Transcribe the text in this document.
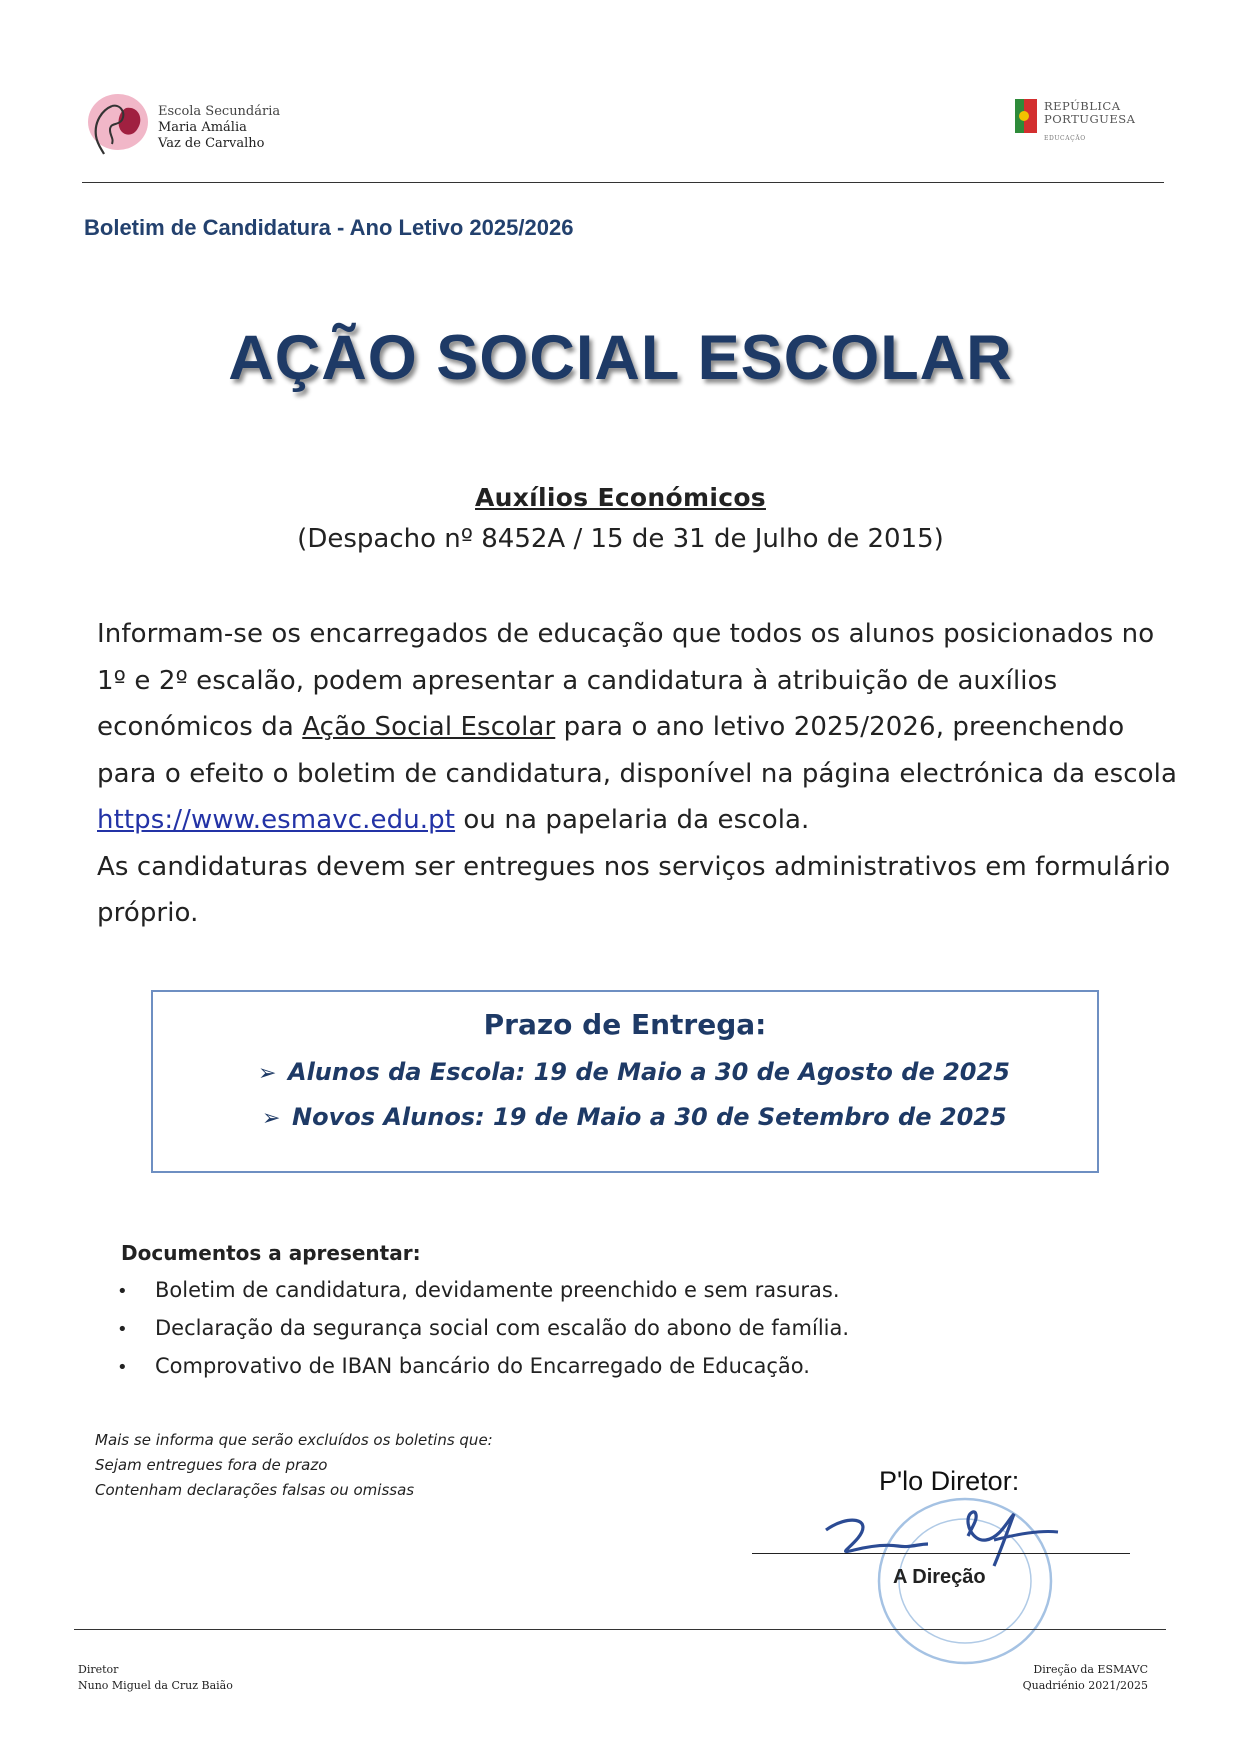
Escola Secundária
Maria Amália
Vaz de Carvalho
REPÚBLICA
PORTUGUESA
EDUCAÇÃO
Boletim de Candidatura - Ano Letivo 2025/2026
AÇÃO SOCIAL ESCOLAR
Auxílios Económicos
(Despacho nº 8452A / 15 de 31 de Julho de 2015)
Informam-se os encarregados de educação que todos os alunos posicionados no 1º e 2º escalão, podem apresentar a candidatura à atribuição de auxílios económicos da Ação Social Escolar para o ano letivo 2025/2026, preenchendo para o efeito o boletim de candidatura, disponível na página electrónica da escola https://www.esmavc.edu.pt ou na papelaria da escola.
As candidaturas devem ser entregues nos serviços administrativos em formulário próprio.
Prazo de Entrega:
➢ Alunos da Escola: 19 de Maio a 30 de Agosto de 2025
➢ Novos Alunos: 19 de Maio a 30 de Setembro de 2025
Documentos a apresentar:
• Boletim de candidatura, devidamente preenchido e sem rasuras.
• Declaração da segurança social com escalão do abono de família.
• Comprovativo de IBAN bancário do Encarregado de Educação.
Mais se informa que serão excluídos os boletins que:
Sejam entregues fora de prazo
Contenham declarações falsas ou omissas	P'lo Diretor:
A Direção
Diretor
Nuno Miguel da Cruz Baião
Direção da ESMAVC
Quadriénio 2021/2025
